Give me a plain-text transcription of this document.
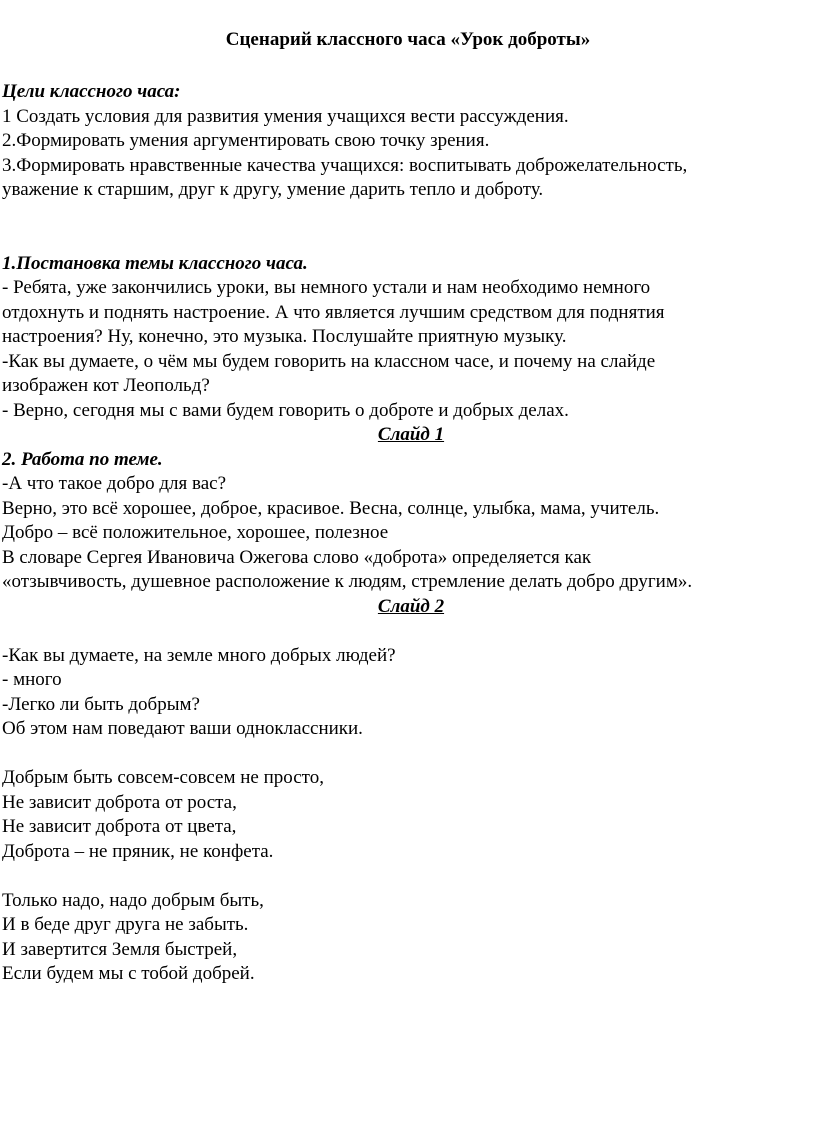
Сценарий классного часа «Урок доброты»

Цели классного часа:

1 Создать условия для развития умения учащихся вести рассуждения.

2.Формировать умения аргументировать свою точку зрения.

3.Формировать нравственные качества учащихся: воспитывать доброжелательность,

уважение к старшим, друг к другу, умение дарить тепло и доброту.

1.Постановка темы классного часа.

- Ребята, уже закончились уроки, вы немного устали и нам необходимо немного

отдохнуть и поднять настроение. А что является лучшим средством для поднятия

настроения? Ну, конечно, это музыка. Послушайте приятную музыку.

-Как вы думаете, о чём мы будем говорить на классном часе, и почему на слайде

изображен кот Леопольд?

- Верно, сегодня мы с вами будем говорить о доброте и добрых делах.

Слайд 1

2. Работа по теме.

-А что такое добро для вас?

Верно, это всё хорошее, доброе, красивое. Весна, солнце, улыбка, мама, учитель.

Добро – всё положительное, хорошее, полезное

В словаре Сергея Ивановича Ожегова слово «доброта» определяется как

«отзывчивость, душевное расположение к людям, стремление делать добро другим».

Слайд 2

-Как вы думаете, на земле много добрых людей?

- много

-Легко ли быть добрым?

Об этом нам поведают ваши одноклассники.

Добрым быть совсем-совсем не просто,

Не зависит доброта от роста,

Не зависит доброта от цвета,

Доброта – не пряник, не конфета.

Только надо, надо добрым быть,

И в беде друг друга не забыть.

И завертится Земля быстрей,

Если будем мы с тобой добрей.
